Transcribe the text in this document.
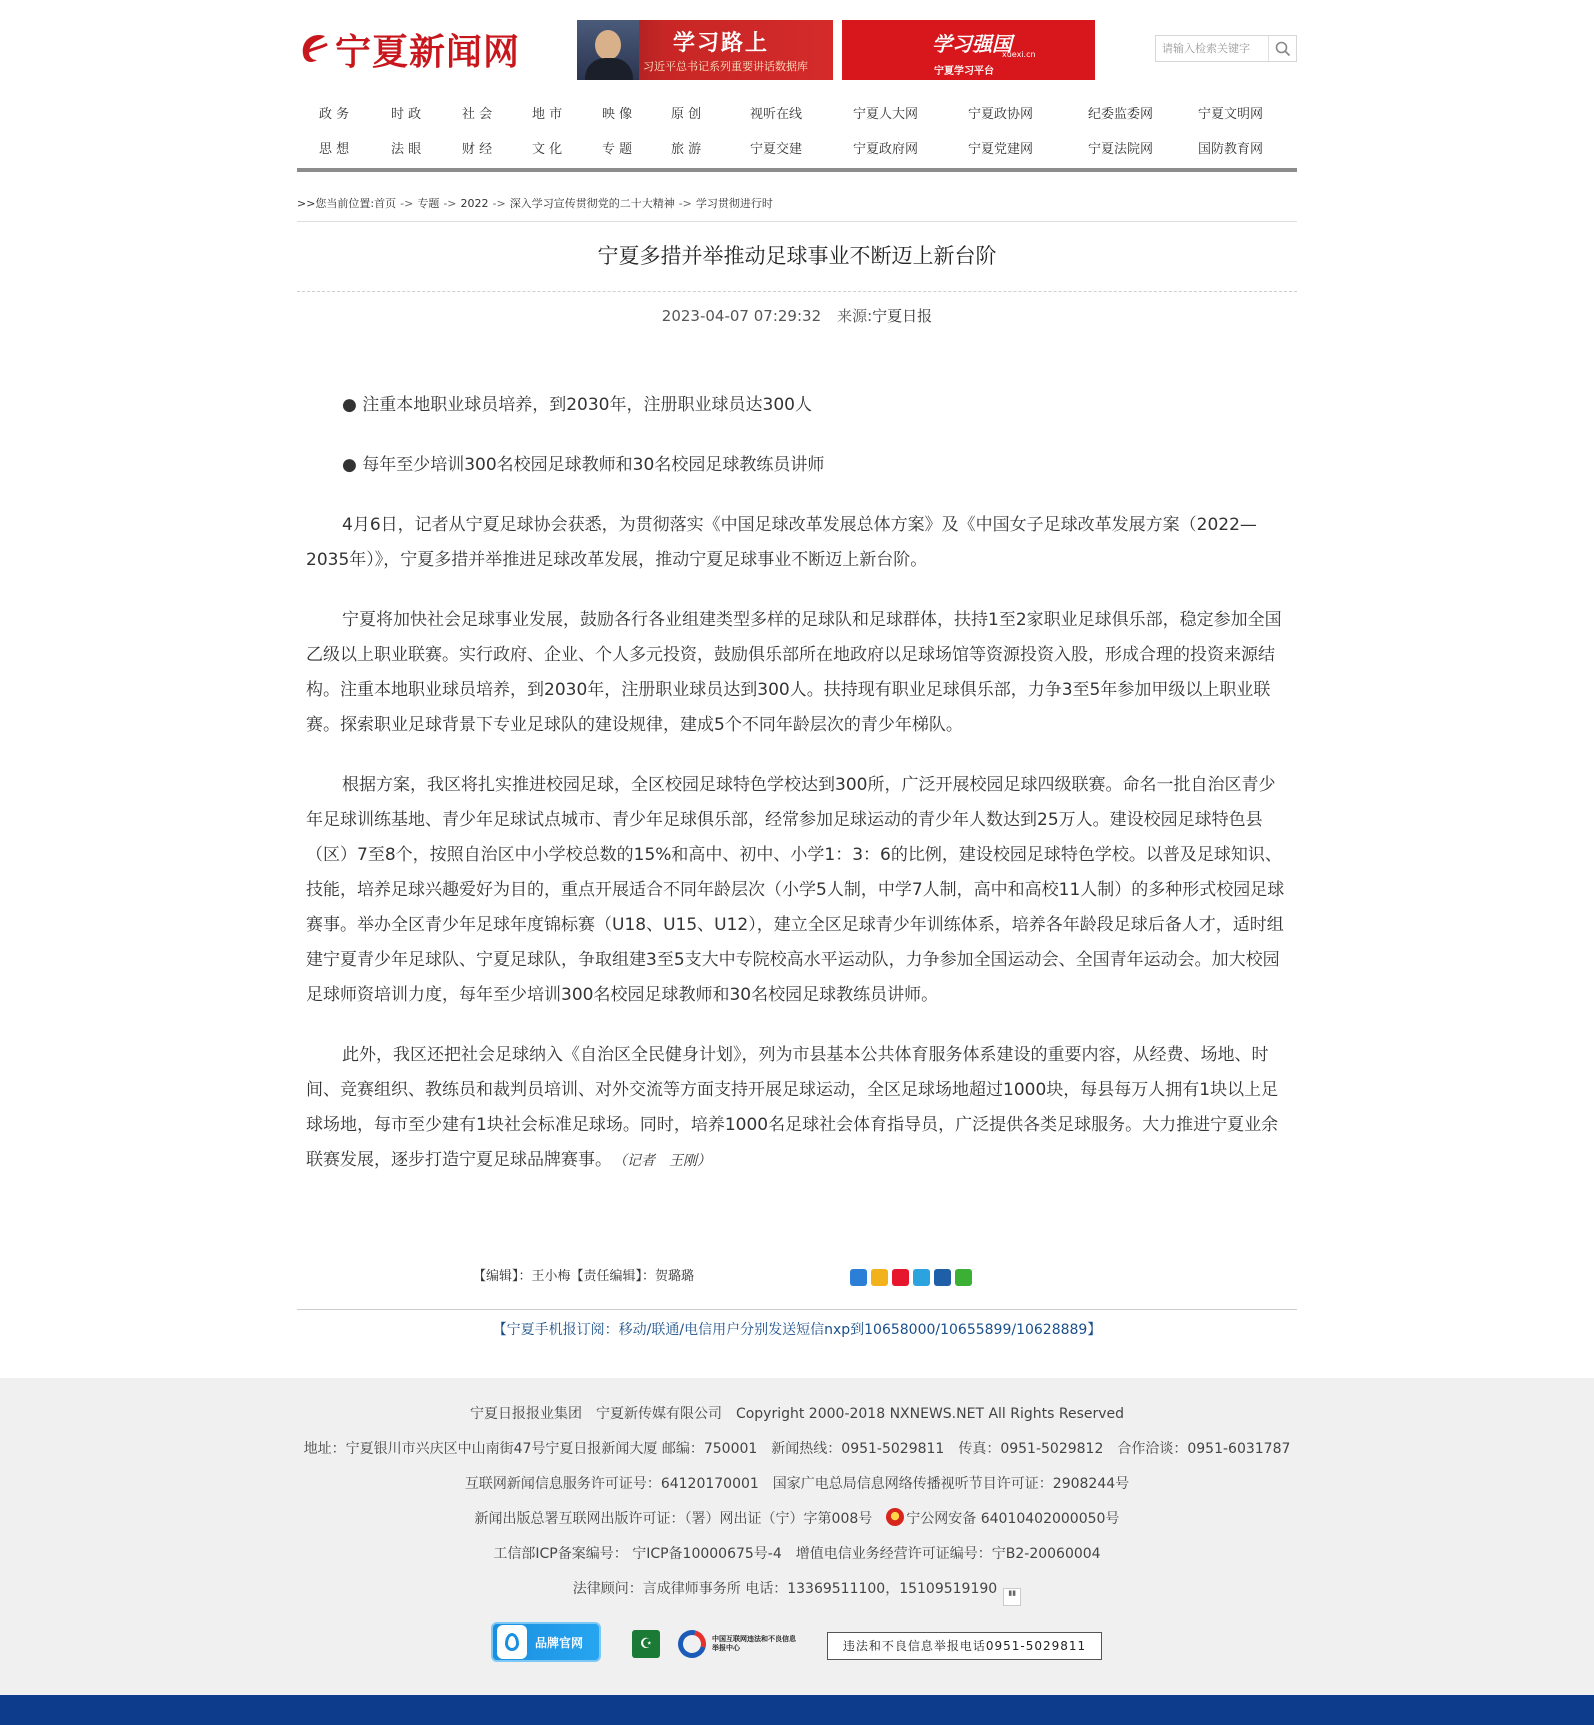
宁夏新闻网	学习路上
习近平总书记系列重要讲话数据库
学习强国
xuexi.cn
宁夏学习平台
请输入检索关键字
政 务	时 政	社 会	地 市	映 像	原 创	视听在线	宁夏人大网	宁夏政协网	纪委监委网	宁夏文明网
思 想	法 眼	财 经	文 化	专 题	旅 游	宁夏交建	宁夏政府网	宁夏党建网	宁夏法院网	国防教育网
>>您当前位置:首页 -> 专题 -> 2022 -> 深入学习宣传贯彻党的二十大精神 -> 学习贯彻进行时
宁夏多措并举推动足球事业不断迈上新台阶
2023-04-07 07:29:32 来源:宁夏日报

● 注重本地职业球员培养，到2030年，注册职业球员达300人

● 每年至少培训300名校园足球教师和30名校园足球教练员讲师

4月6日，记者从宁夏足球协会获悉，为贯彻落实《中国足球改革发展总体方案》及《中国女子足球改革发展方案（2022—2035年）》，宁夏多措并举推进足球改革发展，推动宁夏足球事业不断迈上新台阶。

宁夏将加快社会足球事业发展，鼓励各行各业组建类型多样的足球队和足球群体，扶持1至2家职业足球俱乐部，稳定参加全国乙级以上职业联赛。实行政府、企业、个人多元投资，鼓励俱乐部所在地政府以足球场馆等资源投资入股，形成合理的投资来源结构。注重本地职业球员培养，到2030年，注册职业球员达到300人。扶持现有职业足球俱乐部，力争3至5年参加甲级以上职业联赛。探索职业足球背景下专业足球队的建设规律，建成5个不同年龄层次的青少年梯队。

根据方案，我区将扎实推进校园足球，全区校园足球特色学校达到300所，广泛开展校园足球四级联赛。命名一批自治区青少年足球训练基地、青少年足球试点城市、青少年足球俱乐部，经常参加足球运动的青少年人数达到25万人。建设校园足球特色县（区）7至8个，按照自治区中小学校总数的15%和高中、初中、小学1：3：6的比例，建设校园足球特色学校。以普及足球知识、技能，培养足球兴趣爱好为目的，重点开展适合不同年龄层次（小学5人制，中学7人制，高中和高校11人制）的多种形式校园足球赛事。举办全区青少年足球年度锦标赛（U18、U15、U12），建立全区足球青少年训练体系，培养各年龄段足球后备人才，适时组建宁夏青少年足球队、宁夏足球队，争取组建3至5支大中专院校高水平运动队，力争参加全国运动会、全国青年运动会。加大校园足球师资培训力度，每年至少培训300名校园足球教师和30名校园足球教练员讲师。

此外，我区还把社会足球纳入《自治区全民健身计划》，列为市县基本公共体育服务体系建设的重要内容，从经费、场地、时间、竞赛组织、教练员和裁判员培训、对外交流等方面支持开展足球运动，全区足球场地超过1000块，每县每万人拥有1块以上足球场地，每市至少建有1块社会标准足球场。同时，培养1000名足球社会体育指导员，广泛提供各类足球服务。大力推进宁夏业余联赛发展，逐步打造宁夏足球品牌赛事。 （记者　王刚）

【编辑】：王小梅【责任编辑】：贺璐璐
【宁夏手机报订阅：移动/联通/电信用户分别发送短信nxp到10658000/10655899/10628889】
宁夏日报报业集团　宁夏新传媒有限公司　Copyright 2000-2018 NXNEWS.NET All Rights Reserved
地址：宁夏银川市兴庆区中山南街47号宁夏日报新闻大厦 邮编：750001　新闻热线：0951-5029811　传真：0951-5029812　合作洽谈：0951-6031787
互联网新闻信息服务许可证号：64120170001　国家广电总局信息网络传播视听节目许可证：2908244号
新闻出版总署互联网出版许可证：（署）网出证（宁）字第008号 宁公网安备 64010402000050号
工信部ICP备案编号： 宁ICP备10000675号-4　增值电信业务经营许可证编号：宁B2-20060004
法律顾问：言成律师事务所 电话：13369511100，15109519190 ▮▮
品牌官网	☪	中国互联网违法和不良信息举报中心	违法和不良信息举报电话0951-5029811
